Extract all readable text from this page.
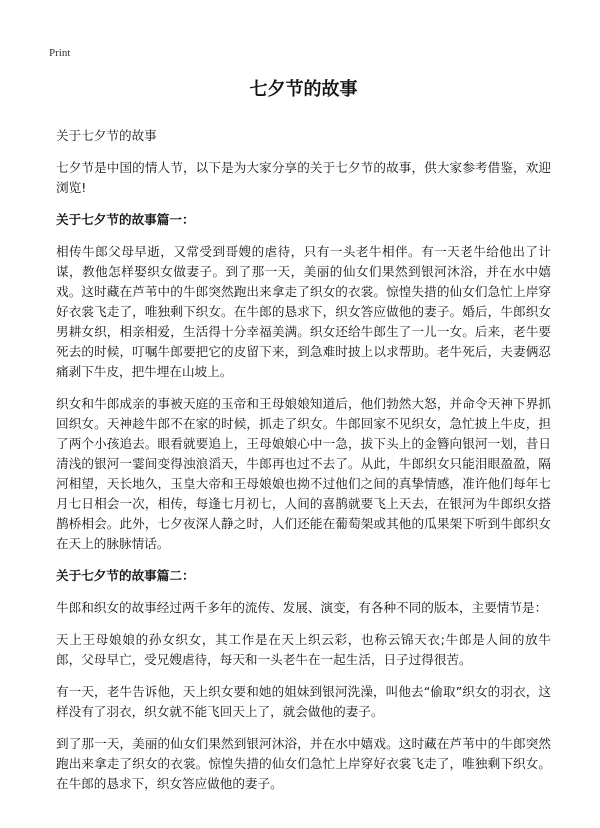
Print
七夕节的故事

关于七夕节的故事

七夕节是中国的情人节，以下是为大家分享的关于七夕节的故事，供大家参考借鉴，欢迎浏览!

关于七夕节的故事篇一：

相传牛郎父母早逝，又常受到哥嫂的虐待，只有一头老牛相伴。有一天老牛给他出了计谋，教他怎样娶织女做妻子。到了那一天，美丽的仙女们果然到银河沐浴，并在水中嬉戏。这时藏在芦苇中的牛郎突然跑出来拿走了织女的衣裳。惊惶失措的仙女们急忙上岸穿好衣裳飞走了，唯独剩下织女。在牛郎的恳求下，织女答应做他的妻子。婚后，牛郎织女男耕女织，相亲相爱，生活得十分幸福美满。织女还给牛郎生了一儿一女。后来，老牛要死去的时候，叮嘱牛郎要把它的皮留下来，到急难时披上以求帮助。老牛死后，夫妻俩忍痛剥下牛皮，把牛埋在山坡上。

织女和牛郎成亲的事被天庭的玉帝和王母娘娘知道后，他们勃然大怒，并命令天神下界抓回织女。天神趁牛郎不在家的时候，抓走了织女。牛郎回家不见织女，急忙披上牛皮，担了两个小孩追去。眼看就要追上，王母娘娘心中一急，拔下头上的金簪向银河一划，昔日清浅的银河一霎间变得浊浪滔天，牛郎再也过不去了。从此，牛郎织女只能泪眼盈盈，隔河相望，天长地久，玉皇大帝和王母娘娘也拗不过他们之间的真挚情感，准许他们每年七月七日相会一次，相传，每逢七月初七，人间的喜鹊就要飞上天去，在银河为牛郎织女搭鹊桥相会。此外，七夕夜深人静之时，人们还能在葡萄架或其他的瓜果架下听到牛郎织女在天上的脉脉情话。

关于七夕节的故事篇二：

牛郎和织女的故事经过两千多年的流传、发展、演变，有各种不同的版本，主要情节是：

天上王母娘娘的孙女织女，其工作是在天上织云彩，也称云锦天衣;牛郎是人间的放牛郎，父母早亡，受兄嫂虐待，每天和一头老牛在一起生活，日子过得很苦。

有一天，老牛告诉他，天上织女要和她的姐妹到银河洗澡，叫他去“偷取”织女的羽衣，这样没有了羽衣，织女就不能飞回天上了，就会做他的妻子。

到了那一天，美丽的仙女们果然到银河沐浴，并在水中嬉戏。这时藏在芦苇中的牛郎突然跑出来拿走了织女的衣裳。惊惶失措的仙女们急忙上岸穿好衣裳飞走了，唯独剩下织女。在牛郎的恳求下，织女答应做他的妻子。
